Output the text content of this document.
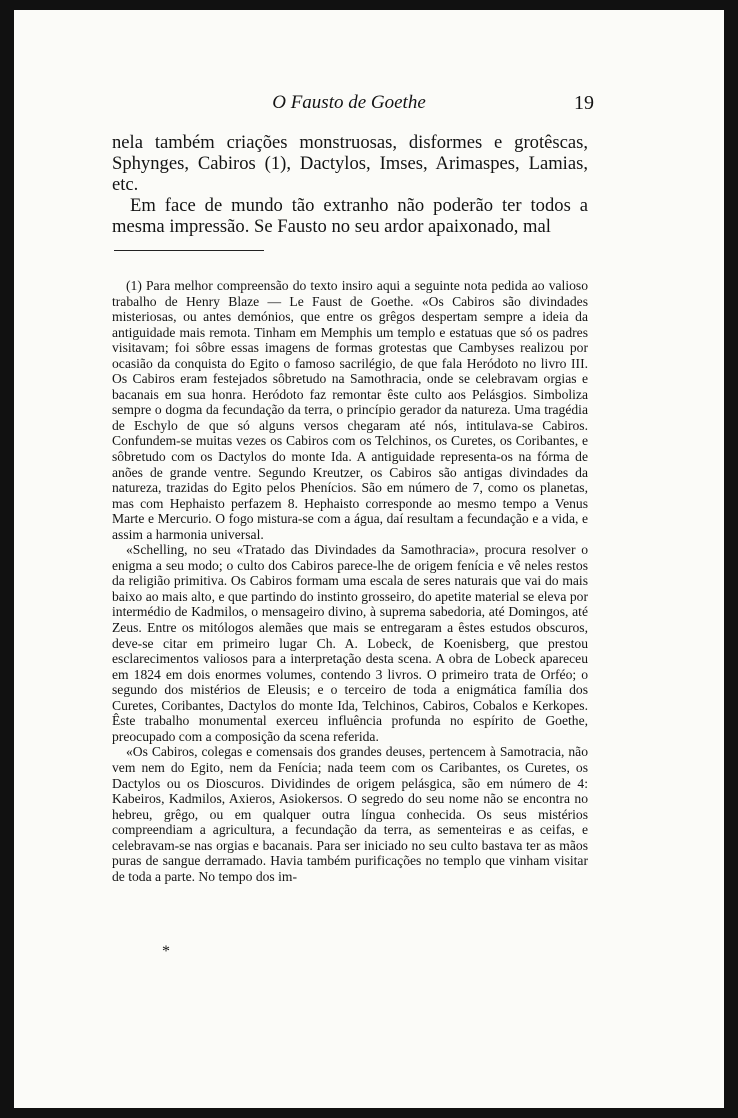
O Fausto de Goethe	19

nela também criações monstruosas, disformes e grotêscas, Sphynges, Cabiros (1), Dactylos, Imses, Arimaspes, Lamias, etc.

Em face de mundo tão extranho não poderão ter todos a mesma impressão. Se Fausto no seu ardor apaixonado, mal

(1) Para melhor compreensão do texto insiro aqui a seguinte nota pedida ao valioso trabalho de Henry Blaze — Le Faust de Goethe. «Os Cabiros são divindades misteriosas, ou antes demónios, que entre os grêgos despertam sempre a ideia da antiguidade mais remota. Tinham em Memphis um templo e estatuas que só os padres visitavam; foi sôbre essas imagens de formas grotestas que Cambyses realizou por ocasião da conquista do Egito o famoso sacrilégio, de que fala Heródoto no livro III. Os Cabiros eram festejados sôbretudo na Samothracia, onde se celebravam orgias e bacanais em sua honra. Heródoto faz remontar êste culto aos Pelásgios. Simboliza sempre o dogma da fecundação da terra, o princípio gerador da natureza. Uma tragédia de Eschylo de que só alguns versos chegaram até nós, intitulava-se Cabiros. Confundem-se muitas vezes os Cabiros com os Telchinos, os Curetes, os Coribantes, e sôbretudo com os Dactylos do monte Ida. A antiguidade representa-os na fórma de anões de grande ventre. Segundo Kreutzer, os Cabiros são antigas divindades da natureza, trazidas do Egito pelos Phenícios. São em número de 7, como os planetas, mas com Hephaisto perfazem 8. Hephaisto corresponde ao mesmo tempo a Venus Marte e Mercurio. O fogo mistura-se com a água, daí resultam a fecundação e a vida, e assim a harmonia universal.

«Schelling, no seu «Tratado das Divindades da Samothracia», procura resolver o enigma a seu modo; o culto dos Cabiros parece-lhe de origem fenícia e vê neles restos da religião primitiva. Os Cabiros formam uma escala de seres naturais que vai do mais baixo ao mais alto, e que partindo do instinto grosseiro, do apetite material se eleva por intermédio de Kadmilos, o mensageiro divino, à suprema sabedoria, até Domingos, até Zeus. Entre os mitólogos alemães que mais se entregaram a êstes estudos obscuros, deve-se citar em primeiro lugar Ch. A. Lobeck, de Koenisberg, que prestou esclarecimentos valiosos para a interpretação desta scena. A obra de Lobeck apareceu em 1824 em dois enormes volumes, contendo 3 livros. O primeiro trata de Orféo; o segundo dos mistérios de Eleusis; e o terceiro de toda a enigmática família dos Curetes, Coribantes, Dactylos do monte Ida, Telchinos, Cabiros, Cobalos e Kerkopes. Êste trabalho monumental exerceu influência profunda no espírito de Goethe, preocupado com a composição da scena referida.

«Os Cabiros, colegas e comensais dos grandes deuses, pertencem à Samotracia, não vem nem do Egito, nem da Fenícia; nada teem com os Caribantes, os Curetes, os Dactylos ou os Dioscuros. Dividindes de origem pelásgica, são em número de 4: Kabeiros, Kadmilos, Axieros, Asiokersos. O segredo do seu nome não se encontra no hebreu, grêgo, ou em qualquer outra língua conhecida. Os seus mistérios compreendiam a agricultura, a fecundação da terra, as sementeiras e as ceifas, e celebravam-se nas orgias e bacanais. Para ser iniciado no seu culto bastava ter as mãos puras de sangue derramado. Havia também purificações no templo que vinham visitar de toda a parte. No tempo dos im-

*
